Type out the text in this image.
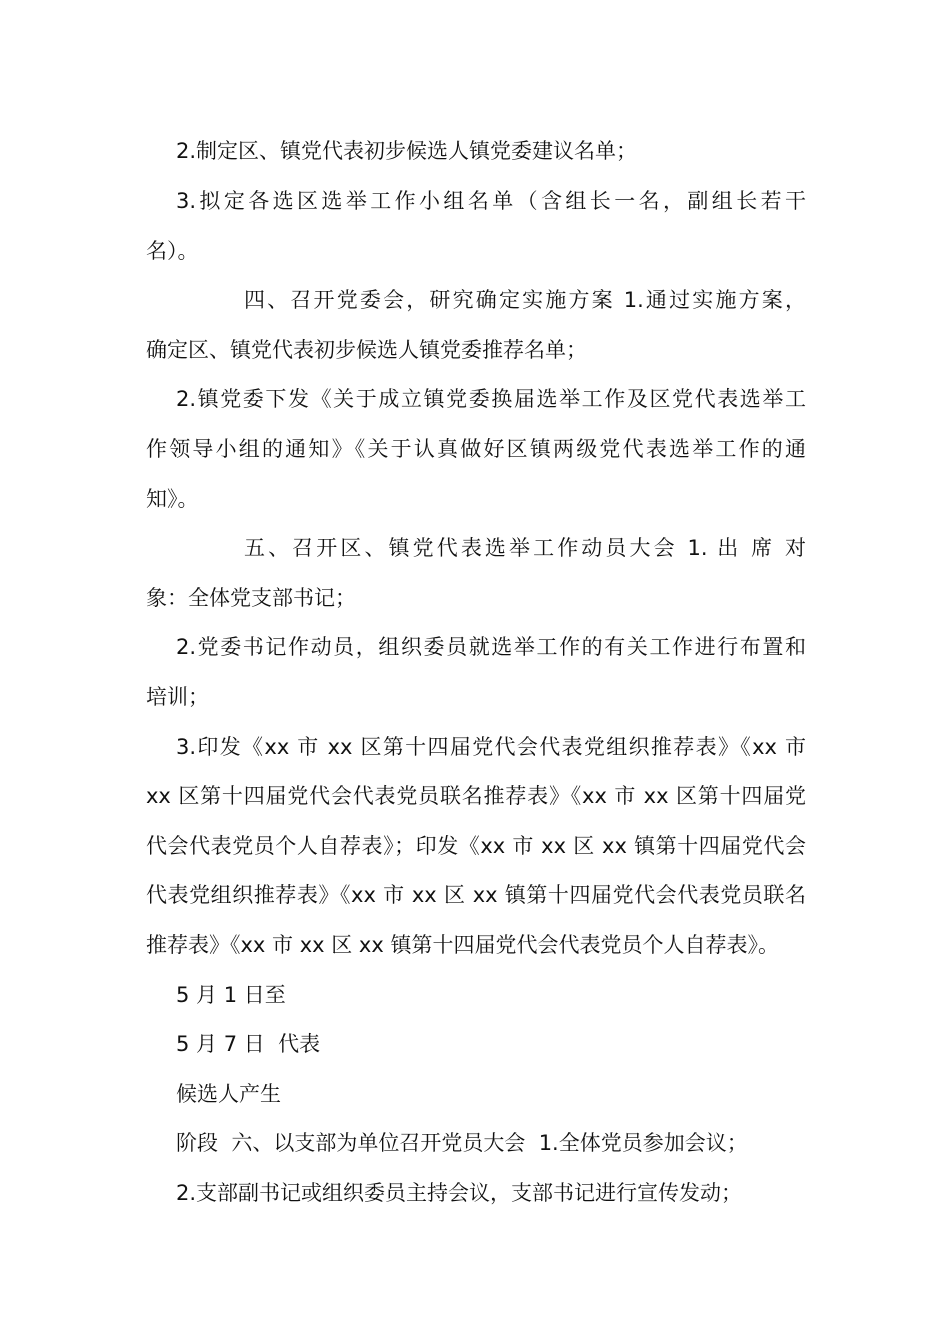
2.制定区、镇党代表初步候选人镇党委建议名单；
3.拟定各选区选举工作小组名单（含组长一名，副组长若干
名）。
四、召开党委会，研究确定实施方案 1.通过实施方案，
确定区、镇党代表初步候选人镇党委推荐名单；
2.镇党委下发《关于成立镇党委换届选举工作及区党代表选举工
作领导小组的通知》《关于认真做好区镇两级党代表选举工作的通
知》。
五、召开区、镇党代表选举工作动员大会 1. 出 席 对
象：全体党支部书记；
2.党委书记作动员，组织委员就选举工作的有关工作进行布置和
培训；
3.印发《xx 市 xx 区第十四届党代会代表党组织推荐表》《xx 市
xx 区第十四届党代会代表党员联名推荐表》《xx 市 xx 区第十四届党
代会代表党员个人自荐表》；印发《xx 市 xx 区 xx 镇第十四届党代会
代表党组织推荐表》《xx 市 xx 区 xx 镇第十四届党代会代表党员联名
推荐表》《xx 市 xx 区 xx 镇第十四届党代会代表党员个人自荐表》。
5 月 1 日至
5 月 7 日  代表
候选人产生
阶段  六、以支部为单位召开党员大会  1.全体党员参加会议；
2.支部副书记或组织委员主持会议，支部书记进行宣传发动；
